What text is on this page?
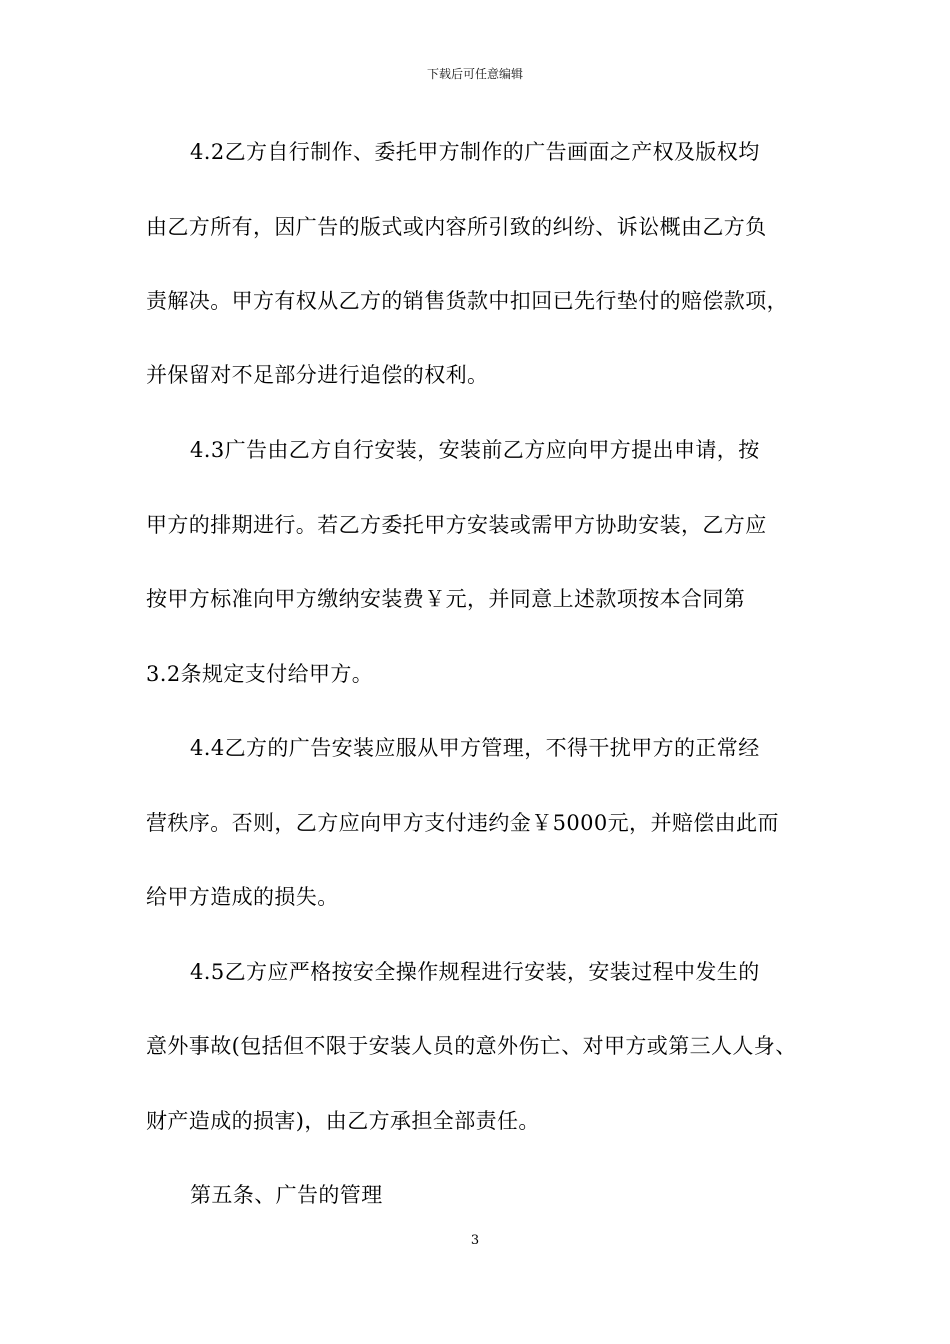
下载后可任意编辑
4.2乙方自行制作、委托甲方制作的广告画面之产权及版权均
由乙方所有，因广告的版式或内容所引致的纠纷、诉讼概由乙方负
责解决。甲方有权从乙方的销售货款中扣回已先行垫付的赔偿款项，
并保留对不足部分进行追偿的权利。
4.3广告由乙方自行安装，安装前乙方应向甲方提出申请，按
甲方的排期进行。若乙方委托甲方安装或需甲方协助安装，乙方应
按甲方标准向甲方缴纳安装费￥元，并同意上述款项按本合同第
3.2条规定支付给甲方。
4.4乙方的广告安装应服从甲方管理，不得干扰甲方的正常经
营秩序。否则，乙方应向甲方支付违约金￥5000元，并赔偿由此而
给甲方造成的损失。
4.5乙方应严格按安全操作规程进行安装，安装过程中发生的
意外事故(包括但不限于安装人员的意外伤亡、对甲方或第三人人身、
财产造成的损害)，由乙方承担全部责任。
第五条、广告的管理
3
